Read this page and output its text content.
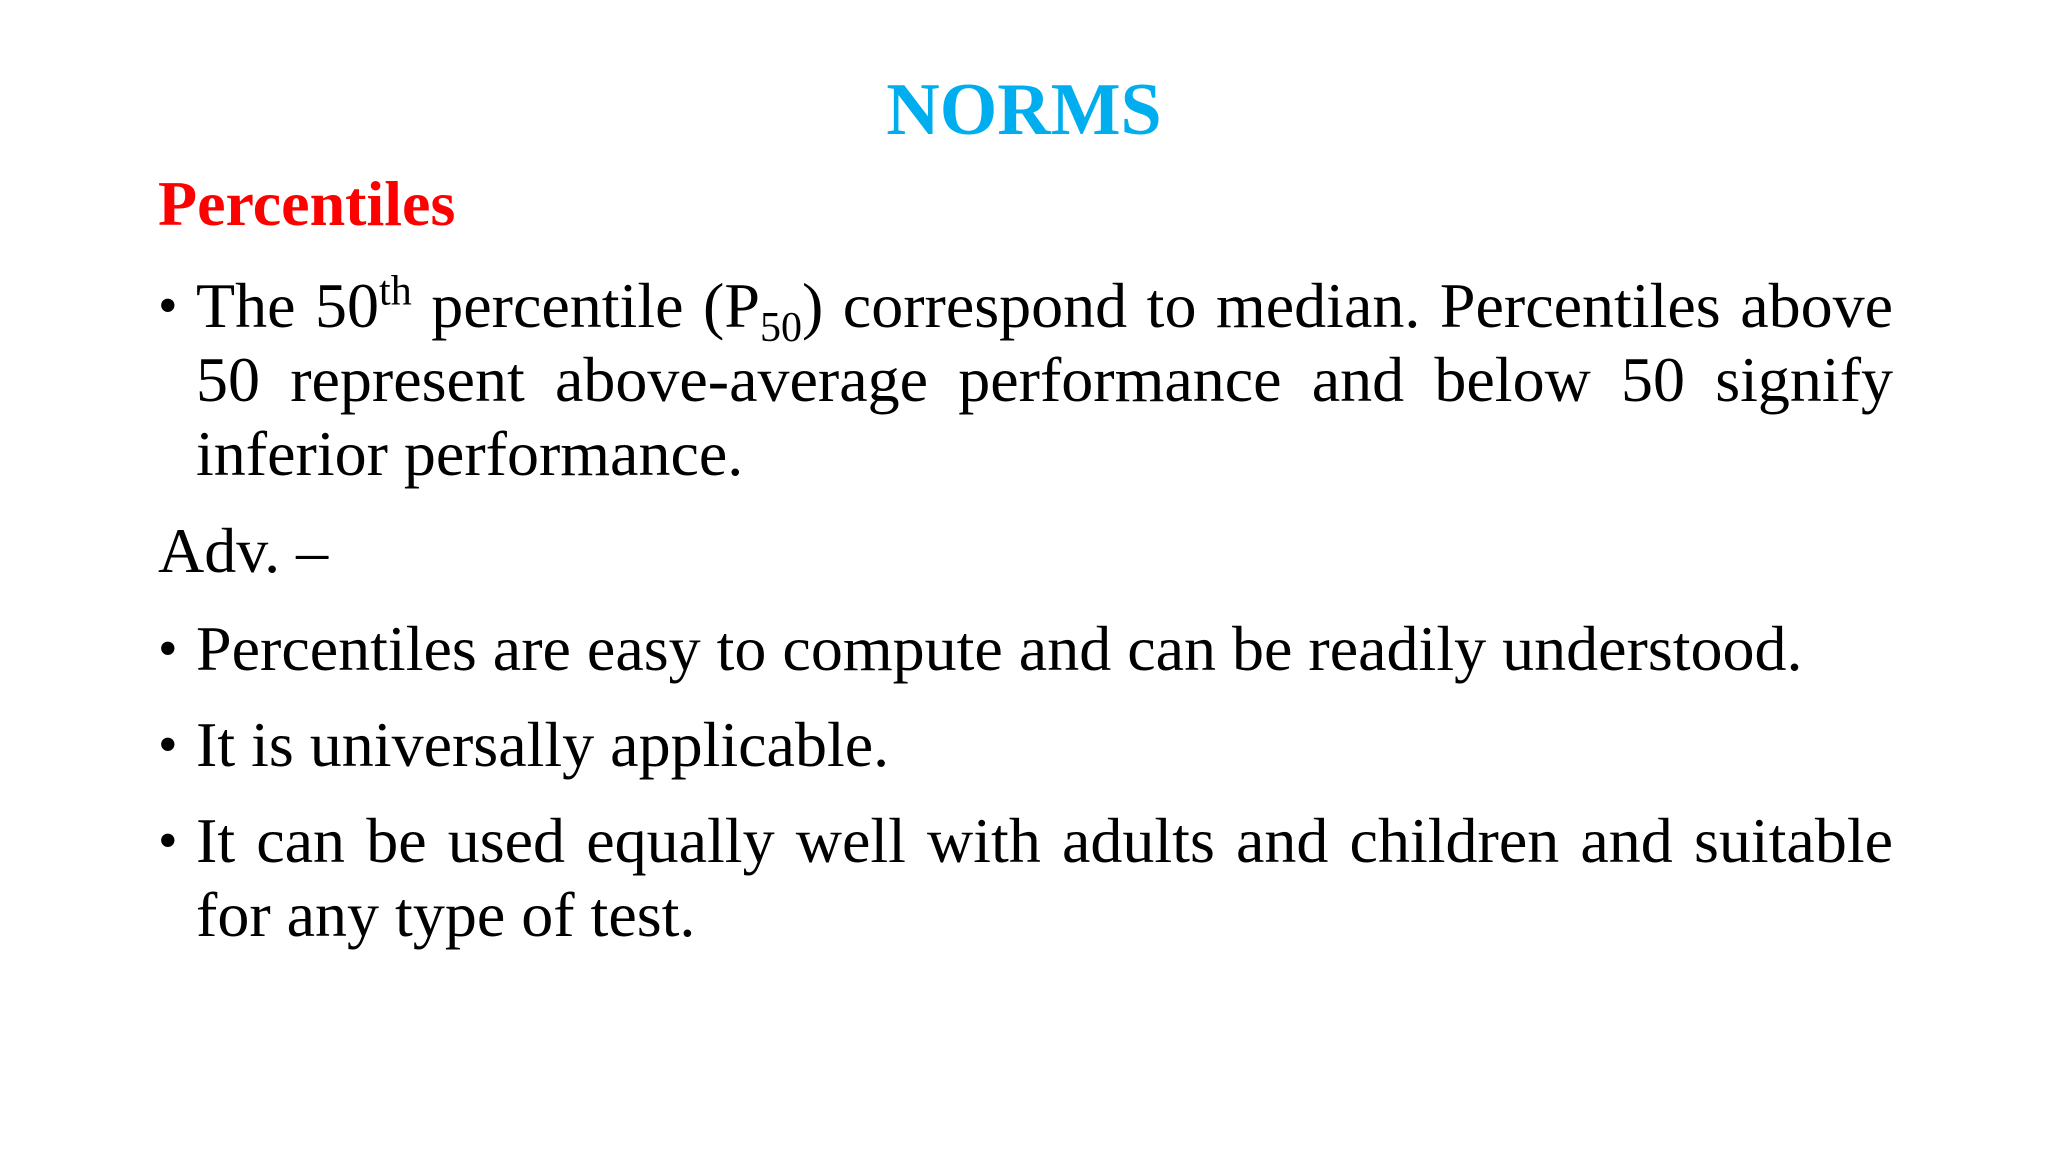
NORMS
Percentiles
• The 50th percentile $(P_{50})$ correspond to median. Percentiles above 50 represent above-average performance and below 50 signify inferior performance.
Adv. –
• Percentiles are easy to compute and can be readily understood.
• It is universally applicable.
• It can be used equally well with adults and children and suitable for any type of test.
